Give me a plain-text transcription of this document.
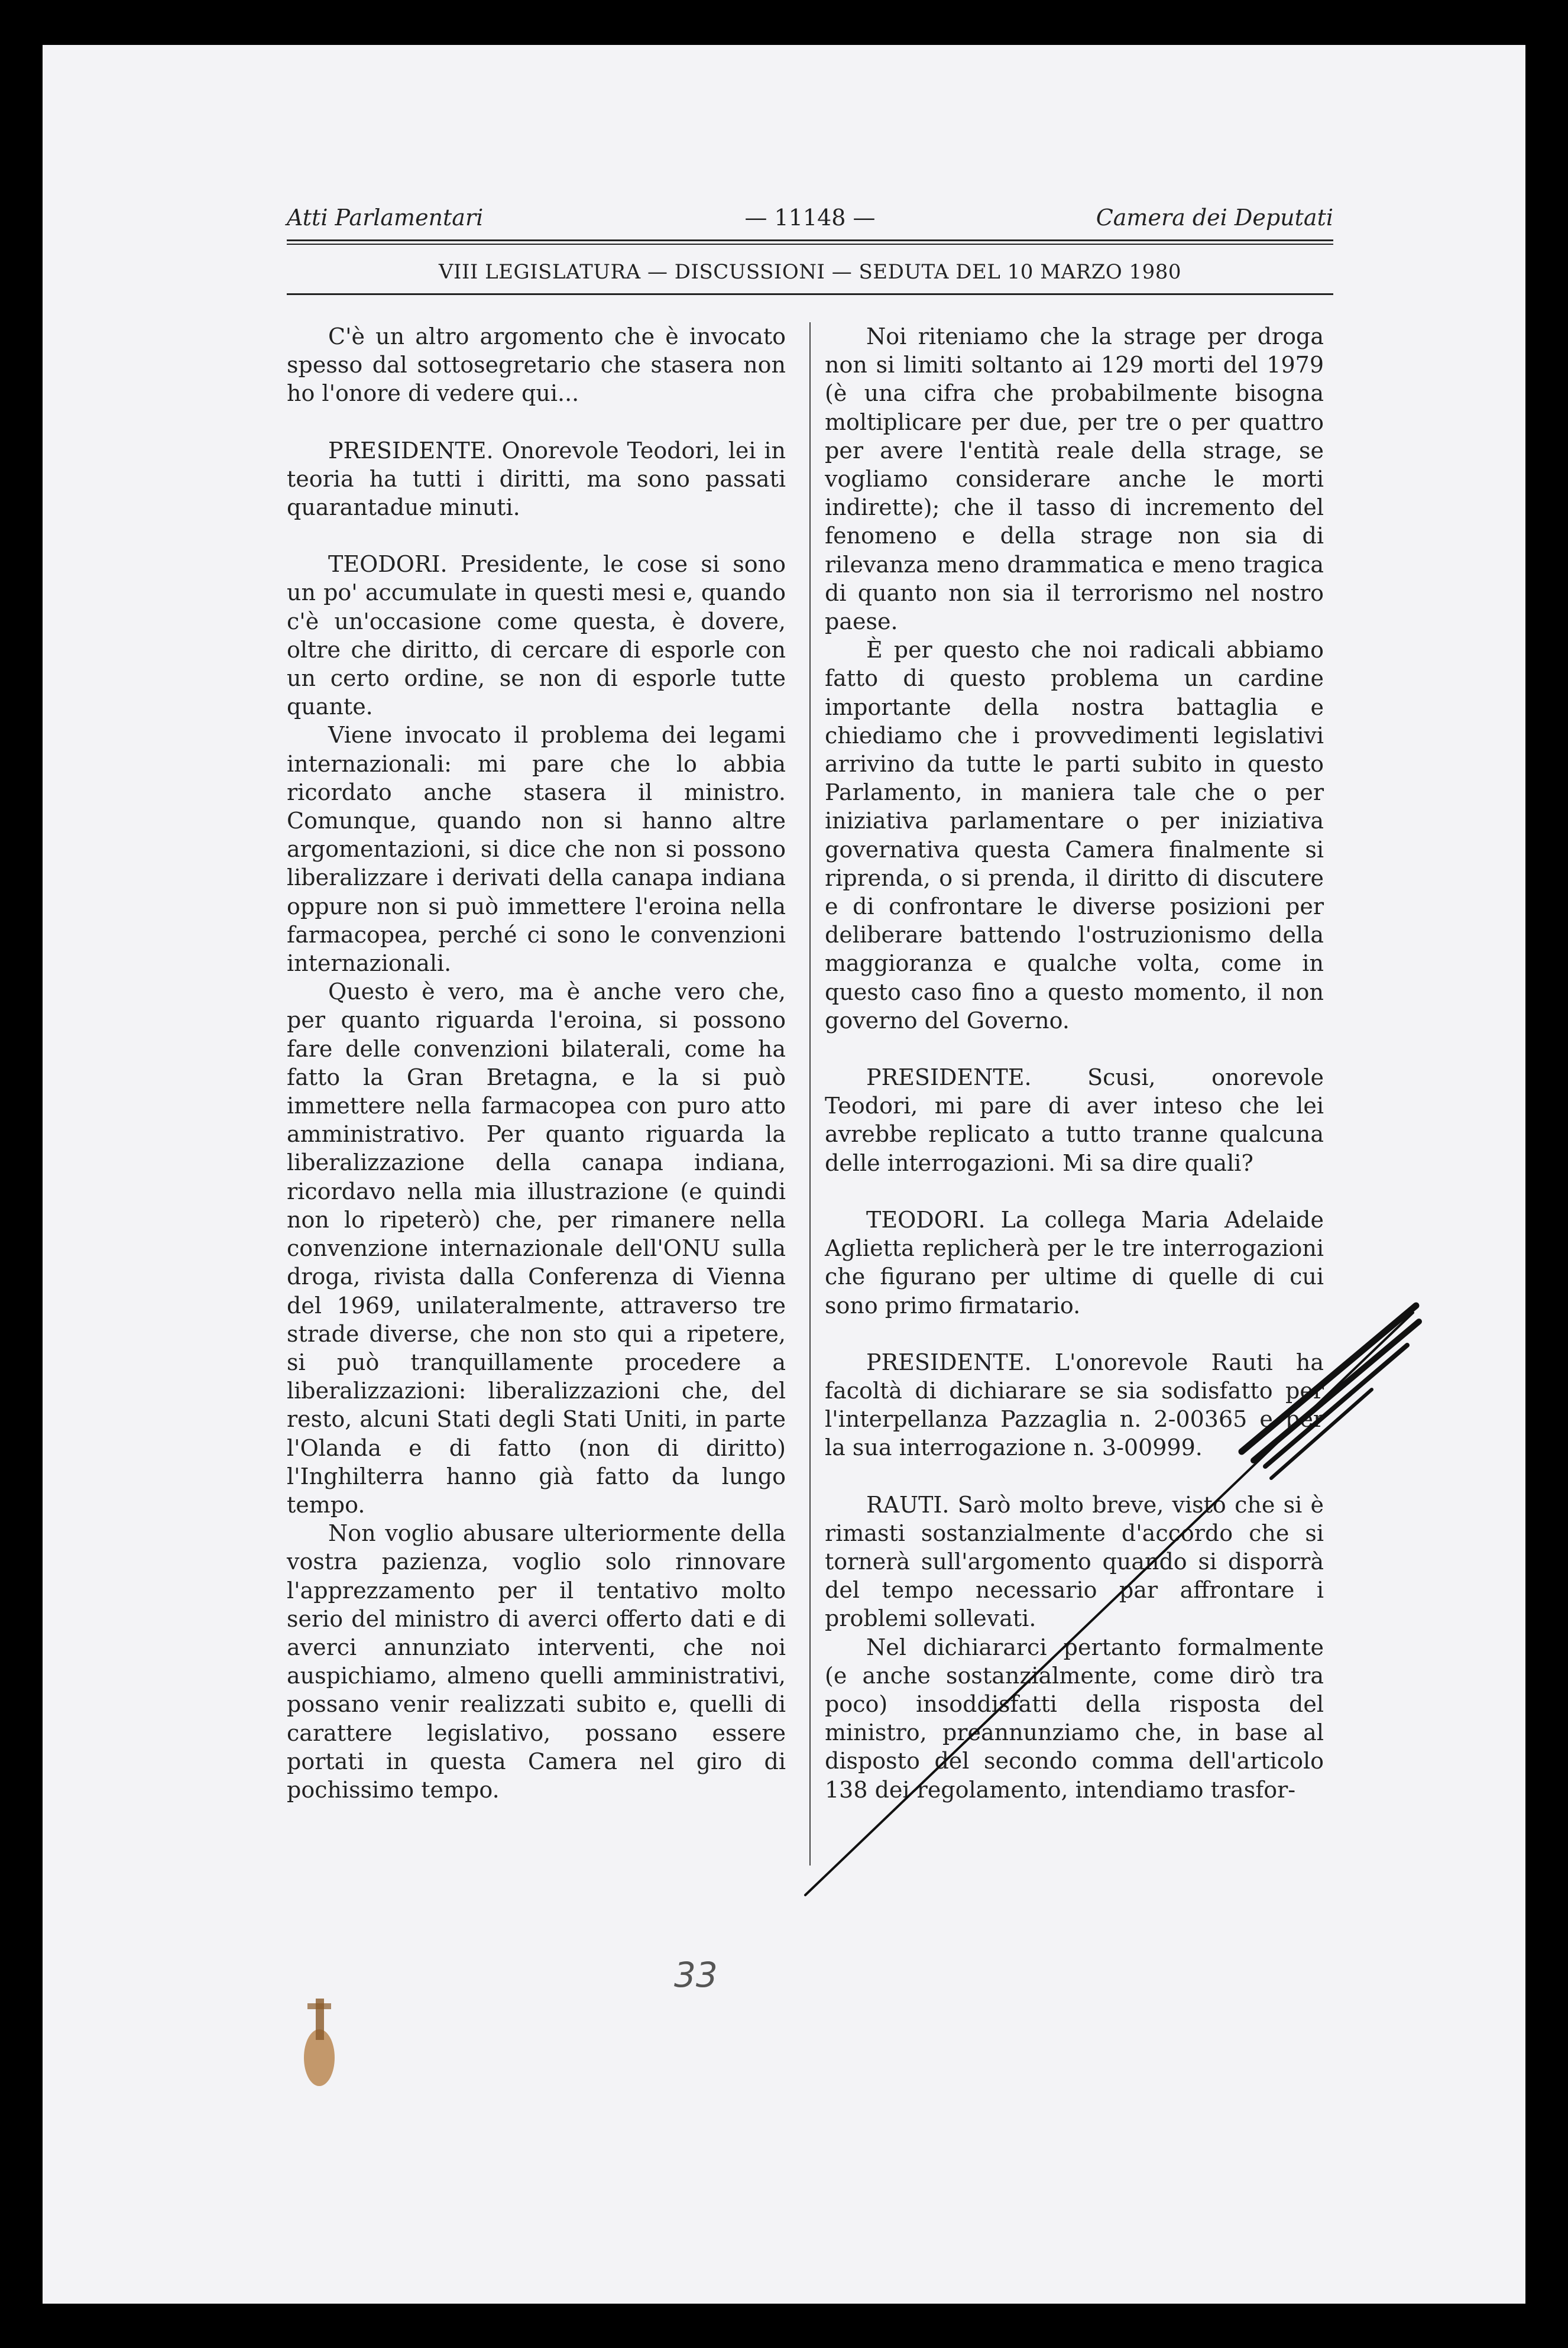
Atti Parlamentari	— 11148 —	Camera dei Deputati
VIII LEGISLATURA — DISCUSSIONI — SEDUTA DEL 10 MARZO 1980

C'è un altro argomento che è invocato spesso dal sottosegretario che stasera non ho l'onore di vedere qui...

PRESIDENTE. Onorevole Teodori, lei in teoria ha tutti i diritti, ma sono passati quarantadue minuti.

TEODORI. Presidente, le cose si sono un po' accumulate in questi mesi e, quando c'è un'occasione come questa, è dovere, oltre che diritto, di cercare di esporle con un certo ordine, se non di esporle tutte quante.

Viene invocato il problema dei legami internazionali: mi pare che lo abbia ricordato anche stasera il ministro. Comunque, quando non si hanno altre argomentazioni, si dice che non si possono liberalizzare i derivati della canapa indiana oppure non si può immettere l'eroina nella farmacopea, perché ci sono le convenzioni internazionali.

Questo è vero, ma è anche vero che, per quanto riguarda l'eroina, si possono fare delle convenzioni bilaterali, come ha fatto la Gran Bretagna, e la si può immettere nella farmacopea con puro atto amministrativo. Per quanto riguarda la liberalizzazione della canapa indiana, ricordavo nella mia illustrazione (e quindi non lo ripeterò) che, per rimanere nella convenzione internazionale dell'ONU sulla droga, rivista dalla Conferenza di Vienna del 1969, unilateralmente, attraverso tre strade diverse, che non sto qui a ripetere, si può tranquillamente procedere a liberalizzazioni: liberalizzazioni che, del resto, alcuni Stati degli Stati Uniti, in parte l'Olanda e di fatto (non di diritto) l'Inghilterra hanno già fatto da lungo tempo.

Non voglio abusare ulteriormente della vostra pazienza, voglio solo rinnovare l'apprezzamento per il tentativo molto serio del ministro di averci offerto dati e di averci annunziato interventi, che noi auspichiamo, almeno quelli amministrativi, possano venir realizzati subito e, quelli di carattere legislativo, possano essere portati in questa Camera nel giro di pochissimo tempo.

Noi riteniamo che la strage per droga non si limiti soltanto ai 129 morti del 1979 (è una cifra che probabilmente bisogna moltiplicare per due, per tre o per quattro per avere l'entità reale della strage, se vogliamo considerare anche le morti indirette); che il tasso di incremento del fenomeno e della strage non sia di rilevanza meno drammatica e meno tragica di quanto non sia il terrorismo nel nostro paese.

È per questo che noi radicali abbiamo fatto di questo problema un cardine importante della nostra battaglia e chiediamo che i provvedimenti legislativi arrivino da tutte le parti subito in questo Parlamento, in maniera tale che o per iniziativa parlamentare o per iniziativa governativa questa Camera finalmente si riprenda, o si prenda, il diritto di discutere e di confrontare le diverse posizioni per deliberare battendo l'ostruzionismo della maggioranza e qualche volta, come in questo caso fino a questo momento, il non governo del Governo.

PRESIDENTE. Scusi, onorevole Teodori, mi pare di aver inteso che lei avrebbe replicato a tutto tranne qualcuna delle interrogazioni. Mi sa dire quali?

TEODORI. La collega Maria Adelaide Aglietta replicherà per le tre interrogazioni che figurano per ultime di quelle di cui sono primo firmatario.

PRESIDENTE. L'onorevole Rauti ha facoltà di dichiarare se sia sodisfatto per l'interpellanza Pazzaglia n. 2-00365 e per la sua interrogazione n. 3-00999.

RAUTI. Sarò molto breve, visto che si è rimasti sostanzialmente d'accordo che si tornerà sull'argomento quando si disporrà del tempo necessario par affrontare i problemi sollevati.

Nel dichiararci pertanto formalmente (e anche sostanzialmente, come dirò tra poco) insoddisfatti della risposta del ministro, preannunziamo che, in base al disposto del secondo comma dell'articolo 138 dei regolamento, intendiamo trasfor-

33
